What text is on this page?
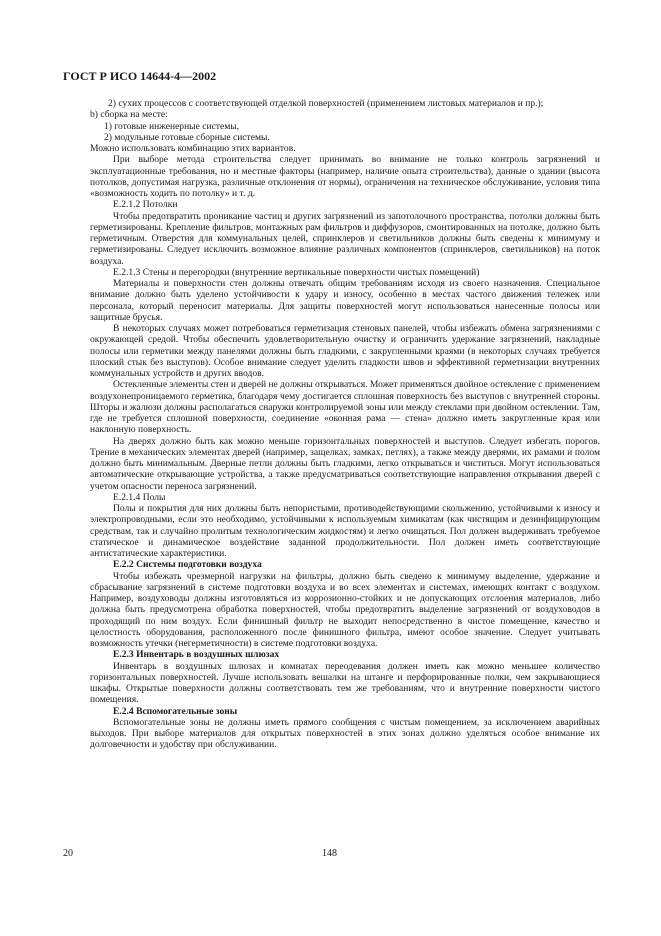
ГОСТ Р ИСО 14644-4—2002

2) сухих процессов с соответствующей отделкой поверхностей (применением листовых материалов и пр.);

b) сборка на месте:

1) готовые инженерные системы,

2) модульные готовые сборные системы.

Можно использовать комбинацию этих вариантов.

При выборе метода строительства следует принимать во внимание не только контроль загрязнений и эксплуатационные требования, но и местные факторы (например, наличие опыта строительства), данные о здании (высота потолков, допустимая нагрузка, различные отклонения от нормы), ограничения на техническое обслуживание, условия типа «возможность ходить по потолку» и т. д.

Е.2.1.2 Потолки

Чтобы предотвратить проникание частиц и других загрязнений из запотолочного пространства, потолки должны быть герметизированы. Крепление фильтров, монтажных рам фильтров и диффузоров, смонтированных на потолке, должно быть герметичным. Отверстия для коммунальных целей, спринклеров и светильников должны быть сведены к минимуму и герметизированы. Следует исключить возможное влияние различных компонентов (спринклеров, светильников) на поток воздуха.

Е.2.1.3 Стены и перегородки (внутренние вертикальные поверхности чистых помещений)

Материалы и поверхности стен должны отвечать общим требованиям исходя из своего назначения. Специальное внимание должно быть уделено устойчивости к удару и износу, особенно в местах частого движения тележек или персонала, который переносит материалы. Для защиты поверхностей могут использоваться нанесенные полосы или защитные брусья.

В некоторых случаях может потребоваться герметизация стеновых панелей, чтобы избежать обмена загрязнениями с окружающей средой. Чтобы обеспечить удовлетворительную очистку и ограничить удержание загрязнений, накладные полосы или герметики между панелями должны быть гладкими, с закругленными краями (в некоторых случаях требуется плоский стык без выступов). Особое внимание следует уделить гладкости швов и эффективной герметизации внутренних коммунальных устройств и других вводов.

Остекленные элементы стен и дверей не должны открываться. Может применяться двойное остекление с применением воздухонепроницаемого герметика, благодаря чему достигается сплошная поверхность без выступов с внутренней стороны. Шторы и жалюзи должны располагаться снаружи контролируемой зоны или между стеклами при двойном остеклении. Там, где не требуется сплошной поверхности, соединение «оконная рама — стена» должно иметь закругленные края или наклонную поверхность.

На дверях должно быть как можно меньше горизонтальных поверхностей и выступов. Следует избегать порогов. Трение в механических элементах дверей (например, защелках, замках, петлях), а также между дверями, их рамами и полом должно быть минимальным. Дверные петли должны быть гладкими, легко открываться и чиститься. Могут использоваться автоматические открывающие устройства, а также предусматриваться соответствующие направления открывания дверей с учетом опасности переноса загрязнений.

Е.2.1.4 Полы

Полы и покрытия для них должны быть непористыми, противодействующими скольжению, устойчивыми к износу и электропроводными, если это необходимо, устойчивыми к используемым химикатам (как чистящим и дезинфицирующим средствам, так и случайно пролитым технологическим жидкостям) и легко очищаться. Пол должен выдерживать требуемое статическое и динамическое воздействие заданной продолжительности. Пол должен иметь соответствующие антистатические характеристики.

Е.2.2 Системы подготовки воздуха

Чтобы избежать чрезмерной нагрузки на фильтры, должно быть сведено к минимуму выделение, удержание и сбрасывание загрязнений в системе подготовки воздуха и во всех элементах и системах, имеющих контакт с воздухом. Например, воздуховоды должны изготовляться из коррозионно-стойких и не допускающих отслоения материалов, либо должна быть предусмотрена обработка поверхностей, чтобы предотвратить выделение загрязнений от воздуховодов в проходящий по ним воздух. Если финишный фильтр не выходит непосредственно в чистое помещение, качество и целостность оборудования, расположенного после финишного фильтра, имеют особое значение. Следует учитывать возможность утечки (негерметичности) в системе подготовки воздуха.

Е.2.3 Инвентарь в воздушных шлюзах

Инвентарь в воздушных шлюзах и комнатах переодевания должен иметь как можно меньшее количество горизонтальных поверхностей. Лучше использовать вешалки на штанге и перфорированные полки, чем закрывающиеся шкафы. Открытые поверхности должны соответствовать тем же требованиям, что и внутренние поверхности чистого помещения.

Е.2.4 Вспомогательные зоны

Вспомогательные зоны не должны иметь прямого сообщения с чистым помещением, за исключением аварийных выходов. При выборе материалов для открытых поверхностей в этих зонах должно уделяться особое внимание их долговечности и удобству при обслуживании.

20	148
